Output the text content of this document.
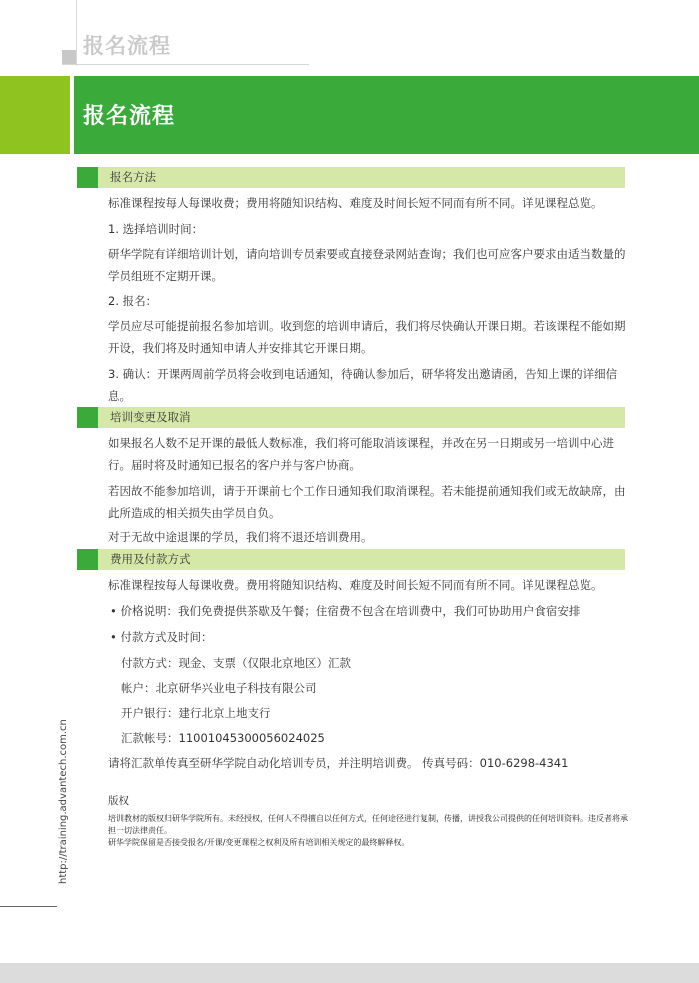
报名流程
报名流程
报名方法
标准课程按每人每课收费；费用将随知识结构、难度及时间长短不同而有所不同。详见课程总览。
1. 选择培训时间：
研华学院有详细培训计划，请向培训专员索要或直接登录网站查询；我们也可应客户要求由适当数量的学员组班不定期开课。
2. 报名：
学员应尽可能提前报名参加培训。收到您的培训申请后，我们将尽快确认开课日期。若该课程不能如期开设，我们将及时通知申请人并安排其它开课日期。
3. 确认：开课两周前学员将会收到电话通知，待确认参加后，研华将发出邀请函，告知上课的详细信息。
培训变更及取消
如果报名人数不足开课的最低人数标准，我们将可能取消该课程，并改在另一日期或另一培训中心进行。届时将及时通知已报名的客户并与客户协商。
若因故不能参加培训，请于开课前七个工作日通知我们取消课程。若未能提前通知我们或无故缺席，由此所造成的相关损失由学员自负。
对于无故中途退课的学员，我们将不退还培训费用。
费用及付款方式
标准课程按每人每课收费。费用将随知识结构、难度及时间长短不同而有所不同。详见课程总览。
• 价格说明：我们免费提供茶歇及午餐；住宿费不包含在培训费中，我们可协助用户食宿安排
• 付款方式及时间：
付款方式：现金、支票（仅限北京地区）汇款
帐户：北京研华兴业电子科技有限公司
开户银行：建行北京上地支行
汇款帐号：11001045300056024025
请将汇款单传真至研华学院自动化培训专员，并注明培训费。 传真号码：010-6298-4341
版权
培训教材的版权归研华学院所有。未经授权，任何人不得擅自以任何方式，任何途径进行复制，传播，讲授我公司提供的任何培训资料。违反者将承担一切法律责任。
研华学院保留是否接受报名/开课/变更课程之权利及所有培训相关规定的最终解释权。
http://training.advantech.com.cn
